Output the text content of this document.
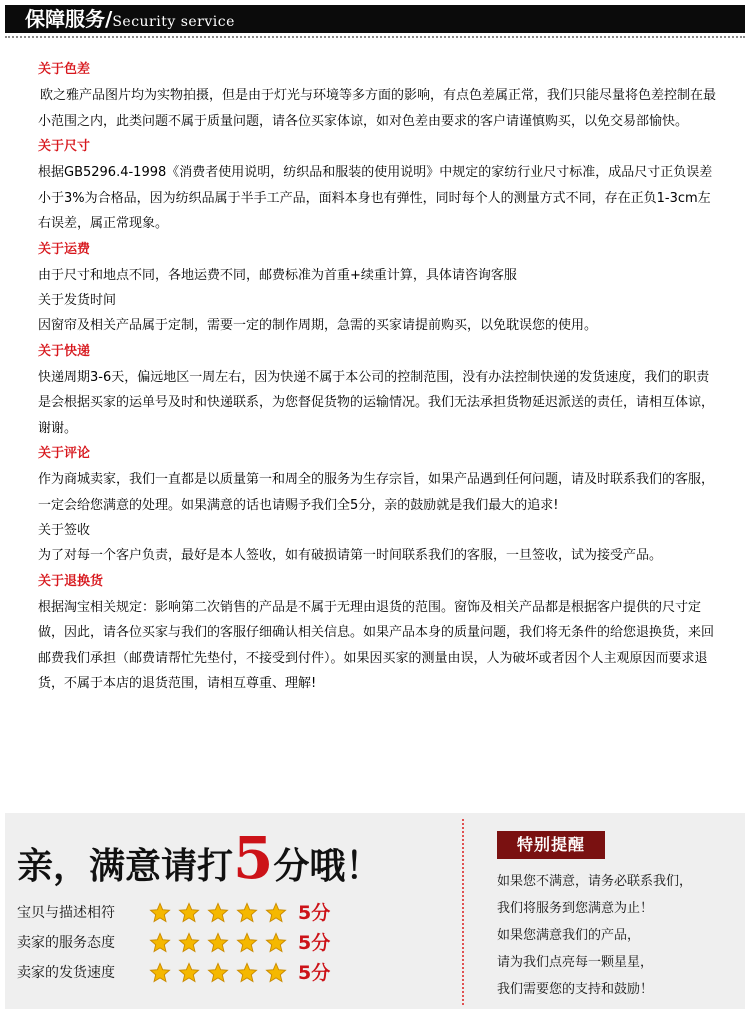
保障服务/Security service
关于色差
欧之雅产品图片均为实物拍摄，但是由于灯光与环境等多方面的影响，有点色差属正常，我们只能尽量将色差控制在最小范围之内，此类问题不属于质量问题，请各位买家体谅，如对色差由要求的客户请谨慎购买，以免交易部愉快。
关于尺寸
根据GB5296.4-1998《消费者使用说明，纺织品和服装的使用说明》中规定的家纺行业尺寸标准，成品尺寸正负误差小于3%为合格品，因为纺织品属于半手工产品，面料本身也有弹性，同时每个人的测量方式不同，存在正负1-3cm左右误差，属正常现象。
关于运费
由于尺寸和地点不同，各地运费不同，邮费标准为首重+续重计算，具体请咨询客服
关于发货时间
因窗帘及相关产品属于定制，需要一定的制作周期，急需的买家请提前购买，以免耽误您的使用。
关于快递
快递周期3-6天，偏远地区一周左右，因为快递不属于本公司的控制范围，没有办法控制快递的发货速度，我们的职责是会根据买家的运单号及时和快递联系，为您督促货物的运输情况。我们无法承担货物延迟派送的责任，请相互体谅，谢谢。
关于评论
作为商城卖家，我们一直都是以质量第一和周全的服务为生存宗旨，如果产品遇到任何问题，请及时联系我们的客服，一定会给您满意的处理。如果满意的话也请赐予我们全5分，亲的鼓励就是我们最大的追求!
关于签收
为了对每一个客户负责，最好是本人签收，如有破损请第一时间联系我们的客服，一旦签收，试为接受产品。
关于退换货
根据淘宝相关规定：影响第二次销售的产品是不属于无理由退货的范围。窗饰及相关产品都是根据客户提供的尺寸定做，因此，请各位买家与我们的客服仔细确认相关信息。如果产品本身的质量问题，我们将无条件的给您退换货，来回邮费我们承担（邮费请帮忙先垫付，不接受到付件）。如果因买家的测量由误，人为破坏或者因个人主观原因而要求退货，不属于本店的退货范围，请相互尊重、理解!
亲，满意请打5分哦！
宝贝与描述相符	5分
卖家的服务态度	5分
卖家的发货速度	5分
特别提醒
如果您不满意，请务必联系我们，
我们将服务到您满意为止！
如果您满意我们的产品，
请为我们点亮每一颗星星，
我们需要您的支持和鼓励！
